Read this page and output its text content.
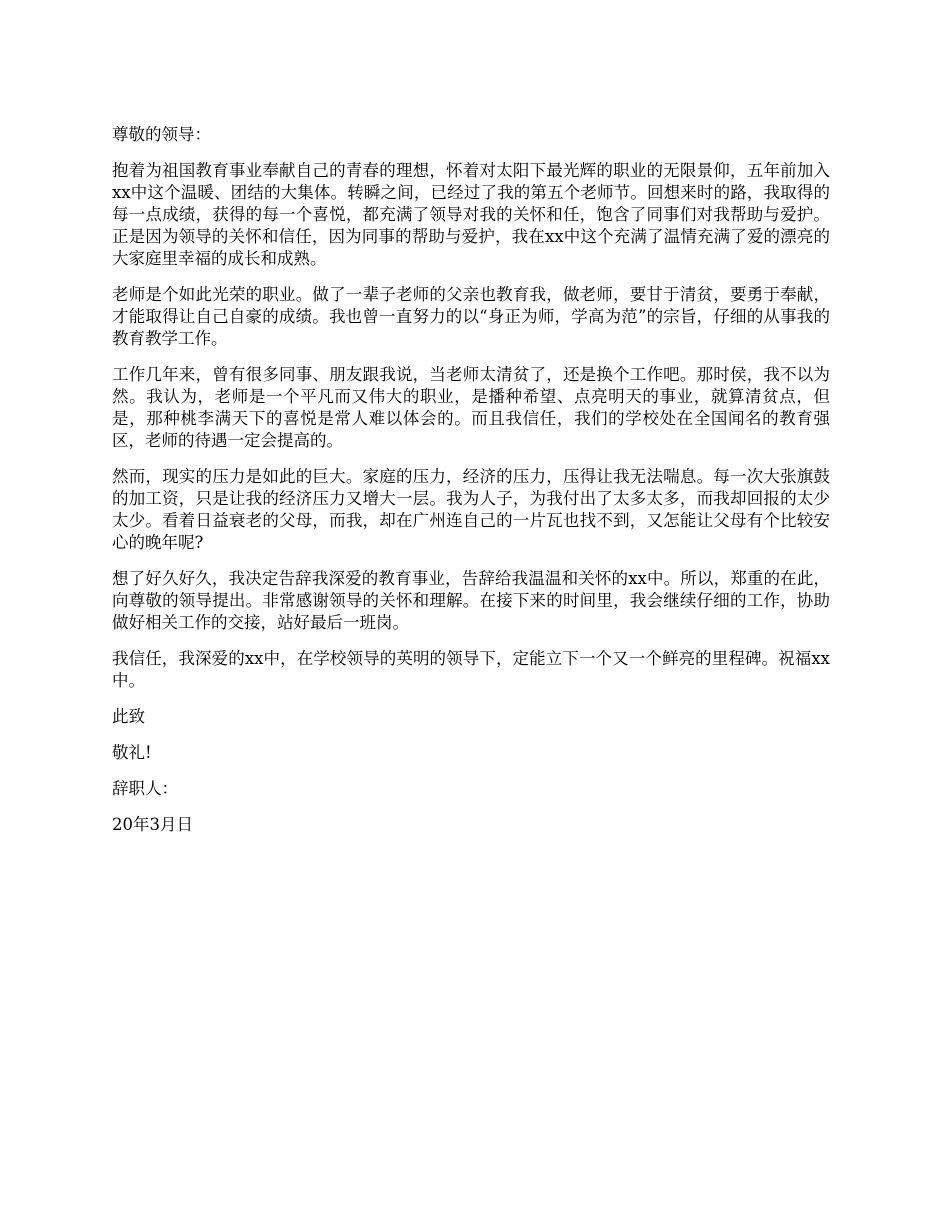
尊敬的领导：

抱着为祖国教育事业奉献自己的青春的理想，怀着对太阳下最光辉的职业的无限景仰，五年前加入xx中这个温暖、团结的大集体。转瞬之间，已经过了我的第五个老师节。回想来时的路，我取得的每一点成绩，获得的每一个喜悦，都充满了领导对我的关怀和任，饱含了同事们对我帮助与爱护。正是因为领导的关怀和信任，因为同事的帮助与爱护，我在xx中这个充满了温情充满了爱的漂亮的大家庭里幸福的成长和成熟。

老师是个如此光荣的职业。做了一辈子老师的父亲也教育我，做老师，要甘于清贫，要勇于奉献，才能取得让自己自豪的成绩。我也曾一直努力的以“身正为师，学高为范”的宗旨，仔细的从事我的教育教学工作。

工作几年来，曾有很多同事、朋友跟我说，当老师太清贫了，还是换个工作吧。那时侯，我不以为然。我认为，老师是一个平凡而又伟大的职业，是播种希望、点亮明天的事业，就算清贫点，但是，那种桃李满天下的喜悦是常人难以体会的。而且我信任，我们的学校处在全国闻名的教育强区，老师的待遇一定会提高的。

然而，现实的压力是如此的巨大。家庭的压力，经济的压力，压得让我无法喘息。每一次大张旗鼓的加工资，只是让我的经济压力又增大一层。我为人子，为我付出了太多太多，而我却回报的太少太少。看着日益衰老的父母，而我，却在广州连自己的一片瓦也找不到，又怎能让父母有个比较安心的晚年呢?

想了好久好久，我决定告辞我深爱的教育事业，告辞给我温温和关怀的xx中。所以，郑重的在此，向尊敬的领导提出。非常感谢领导的关怀和理解。在接下来的时间里，我会继续仔细的工作，协助做好相关工作的交接，站好最后一班岗。

我信任，我深爱的xx中，在学校领导的英明的领导下，定能立下一个又一个鲜亮的里程碑。祝福xx中。

此致

敬礼!

辞职人：

20年3月日
